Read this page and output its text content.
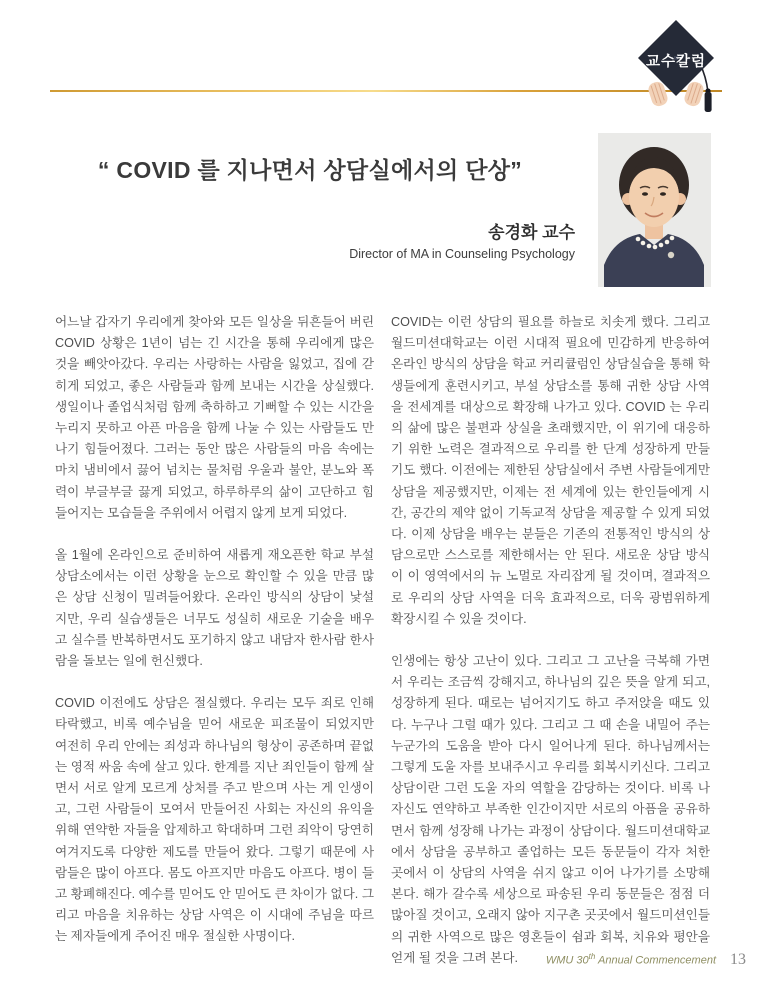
교수칼럼
“ COVID 를 지나면서 상담실에서의 단상”
송경화 교수
Director of MA in Counseling Psychology

어느날 갑자기 우리에게 찾아와 모든 일상을 뒤흔들어 버린 COVID 상황은 1년이 넘는 긴 시간을 통해 우리에게 많은 것을 빼앗아갔다. 우리는 사랑하는 사람을 잃었고, 집에 갇히게 되었고, 좋은 사람들과 함께 보내는 시간을 상실했다. 생일이나 졸업식처럼 함께 축하하고 기뻐할 수 있는 시간을 누리지 못하고 아픈 마음을 함께 나눌 수 있는 사람들도 만나기 힘들어졌다. 그러는 동안 많은 사람들의 마음 속에는 마치 냄비에서 끓어 넘치는 물처럼 우울과 불안, 분노와 폭력이 부글부글 끓게 되었고, 하루하루의 삶이 고단하고 힘들어지는 모습들을 주위에서 어렵지 않게 보게 되었다.

올 1월에 온라인으로 준비하여 새롭게 재오픈한 학교 부설 상담소에서는 이런 상황을 눈으로 확인할 수 있을 만큼 많은 상담 신청이 밀려들어왔다. 온라인 방식의 상담이 낯설지만, 우리 실습생들은 너무도 성실히 새로운 기술을 배우고 실수를 반복하면서도 포기하지 않고 내담자 한사람 한사람을 돌보는 일에 헌신했다.

COVID 이전에도 상담은 절실했다. 우리는 모두 죄로 인해 타락했고, 비록 예수님을 믿어 새로운 피조물이 되었지만 여전히 우리 안에는 죄성과 하나님의 형상이 공존하며 끝없는 영적 싸움 속에 살고 있다. 한계를 지난 죄인들이 함께 살면서 서로 알게 모르게 상처를 주고 받으며 사는 게 인생이고, 그런 사람들이 모여서 만들어진 사회는 자신의 유익을 위해 연약한 자들을 압제하고 학대하며 그런 죄악이 당연히 여겨지도록 다양한 제도를 만들어 왔다. 그렇기 때문에 사람들은 많이 아프다. 몸도 아프지만 마음도 아프다. 병이 들고 황폐해진다. 예수를 믿어도 안 믿어도 큰 차이가 없다. 그리고 마음을 치유하는 상담 사역은 이 시대에 주님을 따르는 제자들에게 주어진 매우 절실한 사명이다.

COVID는 이런 상담의 필요를 하늘로 치솟게 했다. 그리고 월드미션대학교는 이런 시대적 필요에 민감하게 반응하여 온라인 방식의 상담을 학교 커리큘럼인 상담실습을 통해 학생들에게 훈련시키고, 부설 상담소를 통해 귀한 상담 사역을 전세계를 대상으로 확장해 나가고 있다. COVID 는 우리의 삶에 많은 불편과 상실을 초래했지만, 이 위기에 대응하기 위한 노력은 결과적으로 우리를 한 단계 성장하게 만들기도 했다. 이전에는 제한된 상담실에서 주변 사람들에게만 상담을 제공했지만, 이제는 전 세계에 있는 한인들에게 시간, 공간의 제약 없이 기독교적 상담을 제공할 수 있게 되었다. 이제 상담을 배우는 분들은 기존의 전통적인 방식의 상담으로만 스스로를 제한해서는 안 된다. 새로운 상담 방식이 이 영역에서의 뉴 노멀로 자리잡게 될 것이며, 결과적으로 우리의 상담 사역을 더욱 효과적으로, 더욱 광범위하게 확장시킬 수 있을 것이다.

인생에는 항상 고난이 있다. 그리고 그 고난을 극복해 가면서 우리는 조금씩 강해지고, 하나님의 깊은 뜻을 알게 되고, 성장하게 된다. 때로는 넘어지기도 하고 주저앉을 때도 있다. 누구나 그럴 때가 있다. 그리고 그 때 손을 내밀어 주는 누군가의 도움을 받아 다시 일어나게 된다. 하나님께서는 그렇게 도울 자를 보내주시고 우리를 회복시키신다. 그리고 상담이란 그런 도울 자의 역할을 감당하는 것이다. 비록 나 자신도 연약하고 부족한 인간이지만 서로의 아픔을 공유하면서 함께 성장해 나가는 과정이 상담이다. 월드미션대학교에서 상담을 공부하고 졸업하는 모든 동문들이 각자 처한 곳에서 이 상담의 사역을 쉬지 않고 이어 나가기를 소망해 본다. 해가 갈수록 세상으로 파송된 우리 동문들은 점점 더 많아질 것이고, 오래지 않아 지구촌 곳곳에서 월드미션인들의 귀한 사역으로 많은 영혼들이 쉼과 회복, 치유와 평안을 얻게 될 것을 그려 본다.	WMU 30th Annual Commencement 13
